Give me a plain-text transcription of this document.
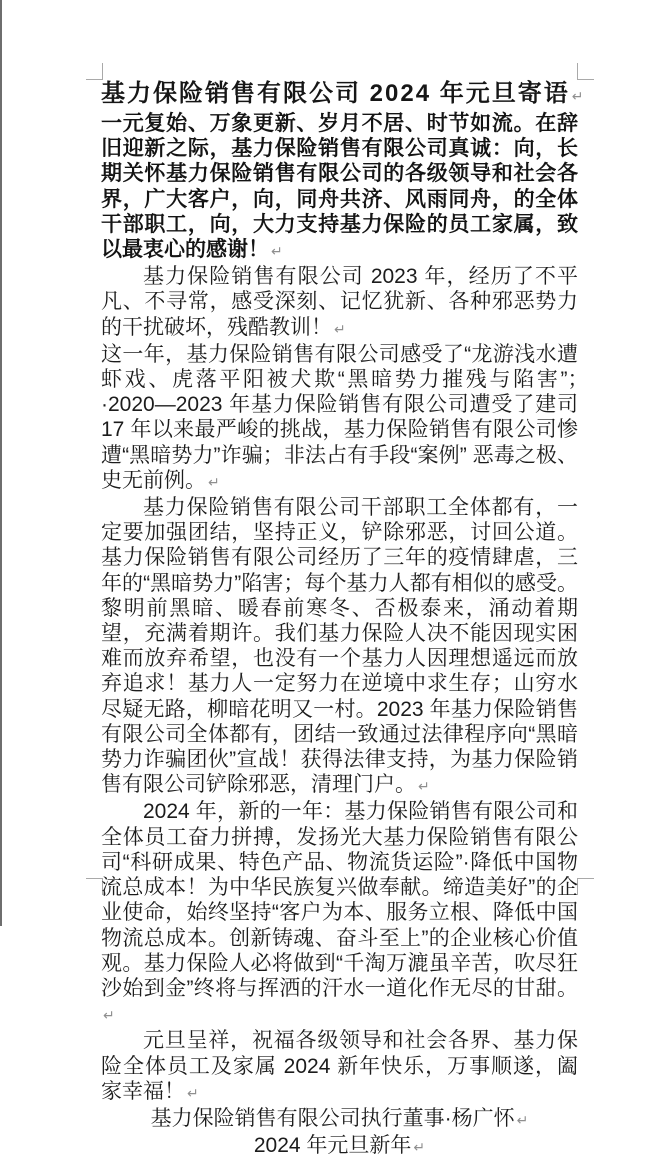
基力保险销售有限公司 2024 年元旦寄语 ↵

一元复始、万象更新、岁月不居、时节如流。在辞旧迎新之际，基力保险销售有限公司真诚：向，长期关怀基力保险销售有限公司的各级领导和社会各界，广大客户，向，同舟共济、风雨同舟，的全体干部职工，向，大力支持基力保险的员工家属，致以最衷心的感谢！ ↵

基力保险销售有限公司 2023 年，经历了不平凡、不寻常，感受深刻、记忆犹新、各种邪恶势力的干扰破坏，残酷教训！ ↵

这一年，基力保险销售有限公司感受了“龙游浅水遭虾戏、虎落平阳被犬欺“黑暗势力摧残与陷害”；·2020—2023 年基力保险销售有限公司遭受了建司 17 年以来最严峻的挑战，基力保险销售有限公司惨遭“黑暗势力”诈骗；非法占有手段“案例” 恶毒之极、史无前例。 ↵

基力保险销售有限公司干部职工全体都有，一定要加强团结，坚持正义，铲除邪恶，讨回公道。基力保险销售有限公司经历了三年的疫情肆虐，三年的“黑暗势力”陷害；每个基力人都有相似的感受。黎明前黑暗、暖春前寒冬、否极泰来，涌动着期望，充满着期许。我们基力保险人决不能因现实困难而放弃希望，也没有一个基力人因理想遥远而放弃追求！基力人一定努力在逆境中求生存；山穷水尽疑无路，柳暗花明又一村。2023 年基力保险销售有限公司全体都有，团结一致通过法律程序向“黑暗势力诈骗团伙”宣战！获得法律支持，为基力保险销售有限公司铲除邪恶，清理门户。 ↵

2024 年，新的一年：基力保险销售有限公司和全体员工奋力拼搏，发扬光大基力保险销售有限公司“科研成果、特色产品、物流货运险”·降低中国物流总成本！为中华民族复兴做奉献。缔造美好”的企业使命，始终坚持“客户为本、服务立根、降低中国物流总成本。创新铸魂、奋斗至上”的企业核心价值观。基力保险人必将做到“千淘万漉虽辛苦，吹尽狂沙始到金”终将与挥洒的汗水一道化作无尽的甘甜。↵

元旦呈祥，祝福各级领导和社会各界、基力保险全体员工及家属 2024 新年快乐，万事顺遂，阖家幸福！ ↵

基力保险销售有限公司执行董事·杨广怀 ↵

2024 年元旦新年 ↵
